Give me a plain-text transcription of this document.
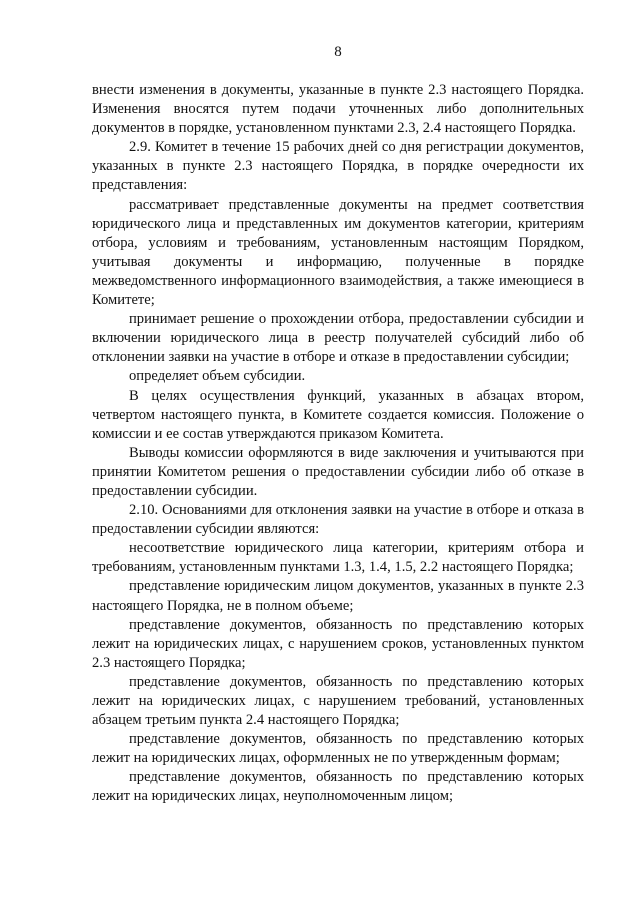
8

внести изменения в документы, указанные в пункте 2.3 настоящего Порядка. Изменения вносятся путем подачи уточненных либо дополнительных документов в порядке, установленном пунктами 2.3, 2.4 настоящего Порядка.

2.9. Комитет в течение 15 рабочих дней со дня регистрации документов, указанных в пункте 2.3 настоящего Порядка, в порядке очередности их представления:

рассматривает представленные документы на предмет соответствия юридического лица и представленных им документов категории, критериям отбора, условиям и требованиям, установленным настоящим Порядком, учитывая документы и информацию, полученные в порядке межведомственного информационного взаимодействия, а также имеющиеся в Комитете;

принимает решение о прохождении отбора, предоставлении субсидии и включении юридического лица в реестр получателей субсидий либо об отклонении заявки на участие в отборе и отказе в предоставлении субсидии;

определяет объем субсидии.

В целях осуществления функций, указанных в абзацах втором, четвертом настоящего пункта, в Комитете создается комиссия. Положение о комиссии и ее состав утверждаются приказом Комитета.

Выводы комиссии оформляются в виде заключения и учитываются при принятии Комитетом решения о предоставлении субсидии либо об отказе в предоставлении субсидии.

2.10. Основаниями для отклонения заявки на участие в отборе и отказа в предоставлении субсидии являются:

несоответствие юридического лица категории, критериям отбора и требованиям, установленным пунктами 1.3, 1.4, 1.5, 2.2 настоящего Порядка;

представление юридическим лицом документов, указанных в пункте 2.3 настоящего Порядка, не в полном объеме;

представление документов, обязанность по представлению которых лежит на юридических лицах, с нарушением сроков, установленных пунктом 2.3 настоящего Порядка;

представление документов, обязанность по представлению которых лежит на юридических лицах, с нарушением требований, установленных абзацем третьим пункта 2.4 настоящего Порядка;

представление документов, обязанность по представлению которых лежит на юридических лицах, оформленных не по утвержденным формам;

представление документов, обязанность по представлению которых лежит на юридических лицах, неуполномоченным лицом;
